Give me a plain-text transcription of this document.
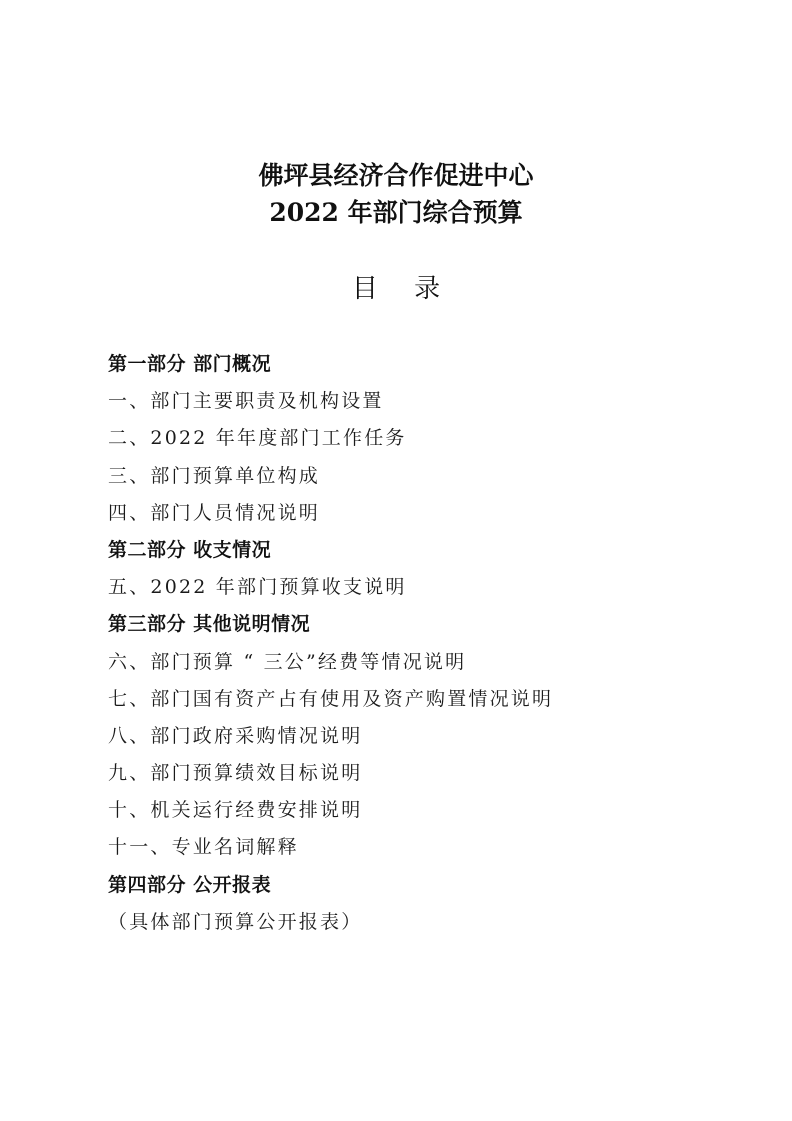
佛坪县经济合作促进中心
2022 年部门综合预算
目 录
第一部分 部门概况
一、部门主要职责及机构设置
二、2022 年年度部门工作任务
三、部门预算单位构成
四、部门人员情况说明
第二部分 收支情况
五、2022 年部门预算收支说明
第三部分 其他说明情况
六、部门预算 “ 三公”经费等情况说明
七、部门国有资产占有使用及资产购置情况说明
八、部门政府采购情况说明
九、部门预算绩效目标说明
十、机关运行经费安排说明
十一、专业名词解释
第四部分 公开报表
（具体部门预算公开报表）
